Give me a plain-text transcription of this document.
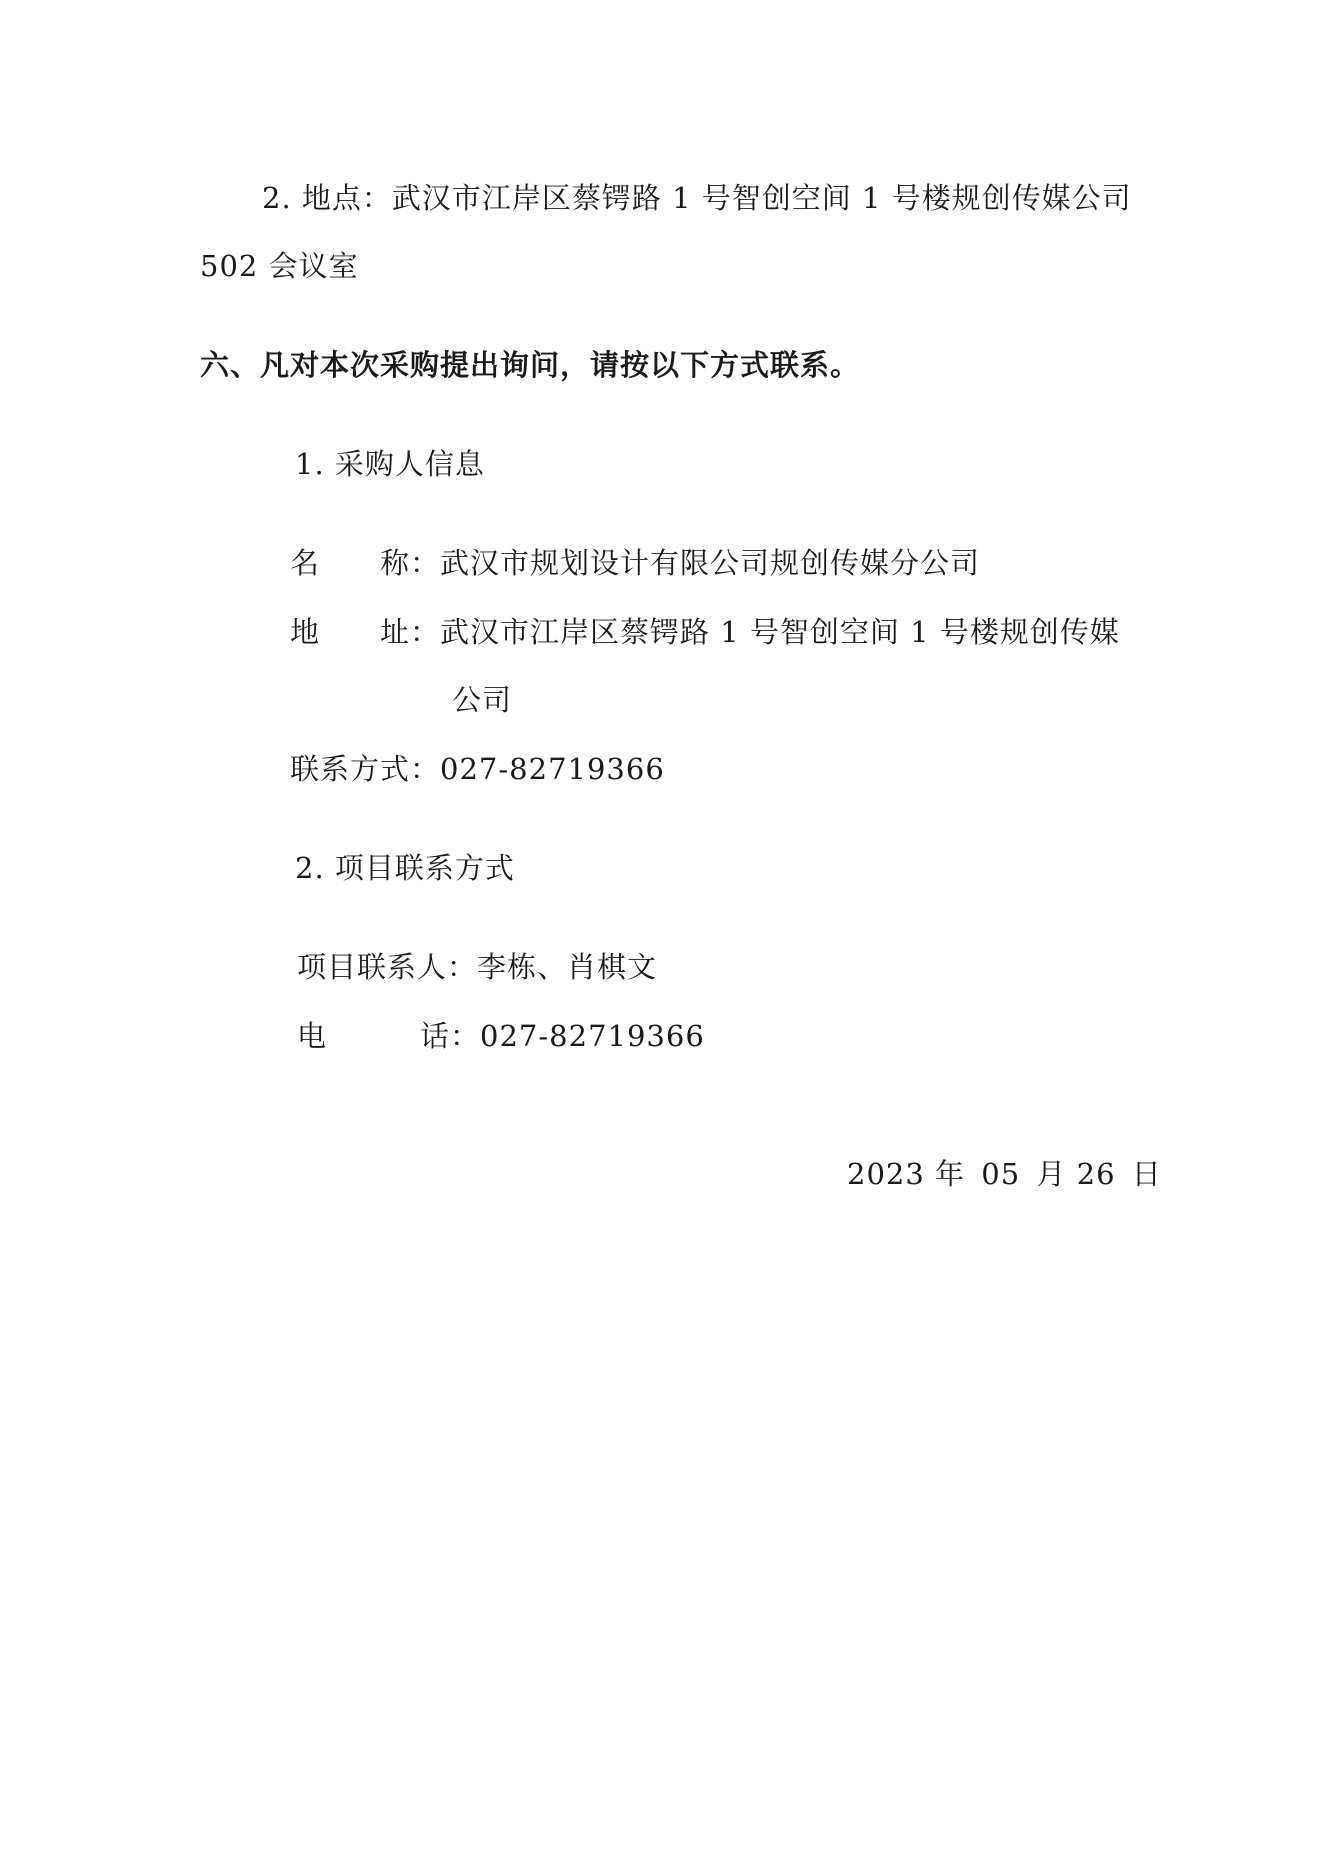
2. 地点：武汉市江岸区蔡锷路 1 号智创空间 1 号楼规创传媒公司
502 会议室
六、凡对本次采购提出询问，请按以下方式联系。
1. 采购人信息
名 称：武汉市规划设计有限公司规创传媒分公司
地 址：武汉市江岸区蔡锷路 1 号智创空间 1 号楼规创传媒
公司
联系方式：027-82719366
2. 项目联系方式
项目联系人：李栋、肖棋文
电	话：027-82719366
2023 年 05 月 26 日
